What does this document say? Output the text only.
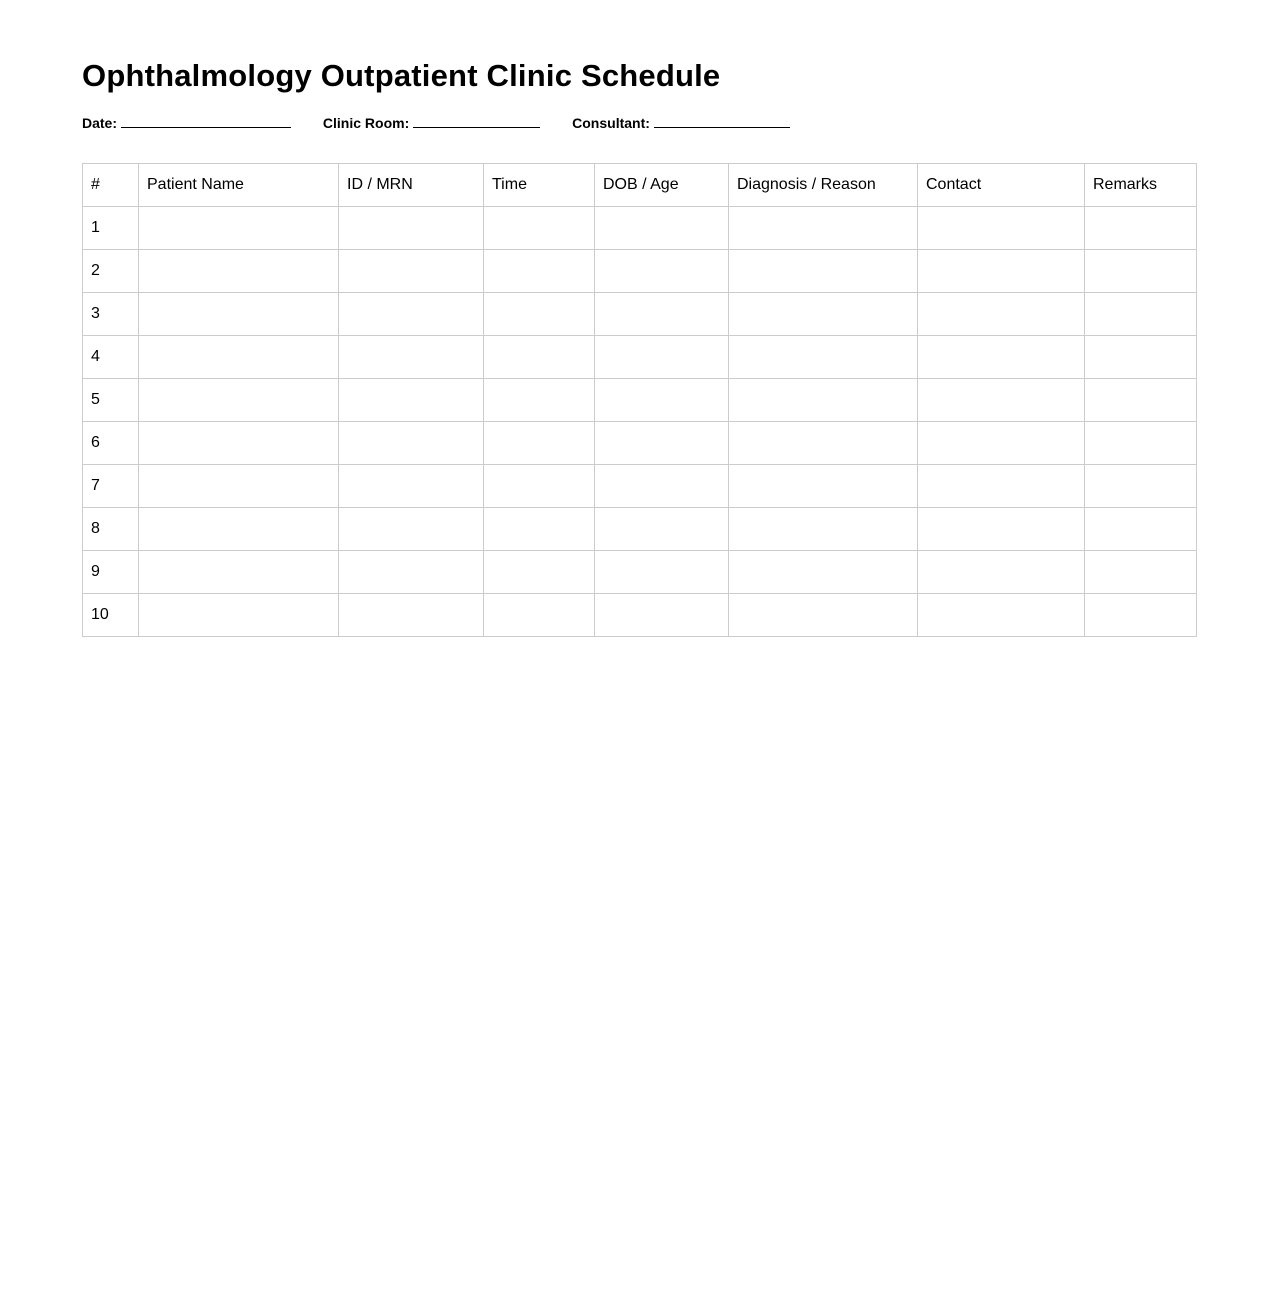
Ophthalmology Outpatient Clinic Schedule
Date:	Clinic Room:	Consultant:
#	Patient Name	ID / MRN	Time	DOB / Age	Diagnosis / Reason	Contact	Remarks
1							
2							
3							
4							
5							
6							
7							
8							
9							
10							
